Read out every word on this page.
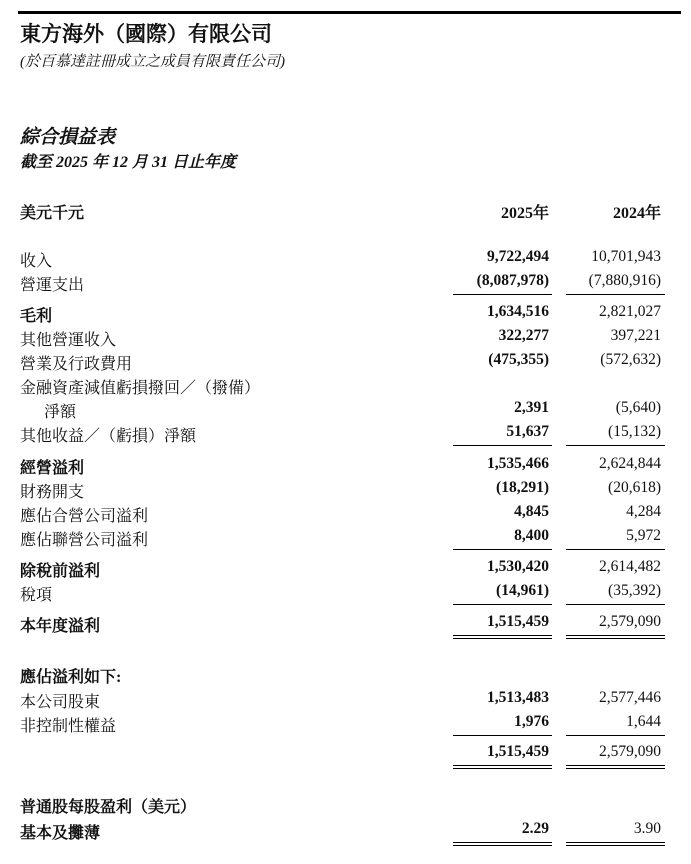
東方海外（國際）有限公司
(於百慕達註冊成立之成員有限責任公司)
綜合損益表
截至 2025 年 12 月 31 日止年度
美元千元	2025年	2024年
收入	9,722,494	10,701,943
營運支出	(8,087,978)	(7,880,916)
毛利	1,634,516	2,821,027
其他營運收入	322,277	397,221
營業及行政費用	(475,355)	(572,632)
金融資產減值虧損撥回／（撥備）
淨額	2,391	(5,640)
其他收益／（虧損）淨額	51,637	(15,132)
經營溢利	1,535,466	2,624,844
財務開支	(18,291)	(20,618)
應佔合營公司溢利	4,845	4,284
應佔聯營公司溢利	8,400	5,972
除稅前溢利	1,530,420	2,614,482
稅項	(14,961)	(35,392)
本年度溢利	1,515,459	2,579,090
應佔溢利如下:
本公司股東	1,513,483	2,577,446
非控制性權益	1,976	1,644
1,515,459	2,579,090
普通股每股盈利（美元）
基本及攤薄	2.29	3.90
